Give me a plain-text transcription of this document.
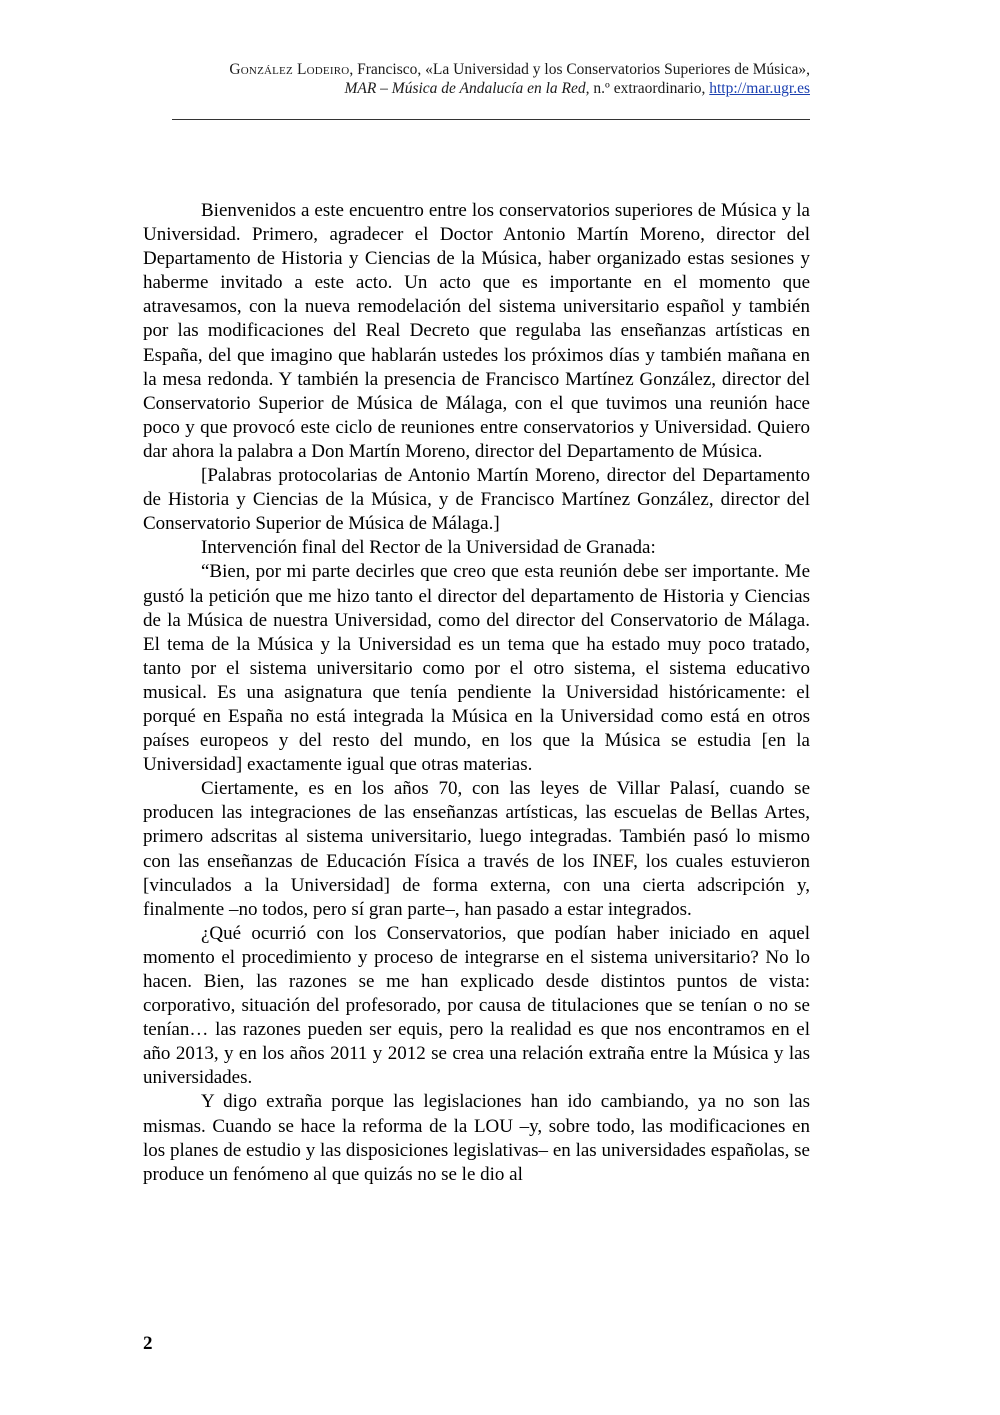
González Lodeiro, Francisco, «La Universidad y los Conservatorios Superiores de Música»,
MAR – Música de Andalucía en la Red, n.º extraordinario, http://mar.ugr.es

Bienvenidos a este encuentro entre los conservatorios superiores de Música y la Universidad. Primero, agradecer el Doctor Antonio Martín Moreno, director del Departamento de Historia y Ciencias de la Música, haber organizado estas sesiones y haberme invitado a este acto. Un acto que es importante en el momento que atravesamos, con la nueva remodelación del sistema universitario español y también por las modificaciones del Real Decreto que regulaba las enseñanzas artísticas en España, del que imagino que hablarán ustedes los próximos días y también mañana en la mesa redonda. Y también la presencia de Francisco Martínez González, director del Conservatorio Superior de Música de Málaga, con el que tuvimos una reunión hace poco y que provocó este ciclo de reuniones entre conservatorios y Universidad. Quiero dar ahora la palabra a Don Martín Moreno, director del Departamento de Música.

[Palabras protocolarias de Antonio Martín Moreno, director del Departamento de Historia y Ciencias de la Música, y de Francisco Martínez González, director del Conservatorio Superior de Música de Málaga.]

Intervención final del Rector de la Universidad de Granada:

“Bien, por mi parte decirles que creo que esta reunión debe ser importante. Me gustó la petición que me hizo tanto el director del departamento de Historia y Ciencias de la Música de nuestra Universidad, como del director del Conservatorio de Málaga. El tema de la Música y la Universidad es un tema que ha estado muy poco tratado, tanto por el sistema universitario como por el otro sistema, el sistema educativo musical. Es una asignatura que tenía pendiente la Universidad históricamente: el porqué en España no está integrada la Música en la Universidad como está en otros países europeos y del resto del mundo, en los que la Música se estudia [en la Universidad] exactamente igual que otras materias.

Ciertamente, es en los años 70, con las leyes de Villar Palasí, cuando se producen las integraciones de las enseñanzas artísticas, las escuelas de Bellas Artes, primero adscritas al sistema universitario, luego integradas. También pasó lo mismo con las enseñanzas de Educación Física a través de los INEF, los cuales estuvieron [vinculados a la Universidad] de forma externa, con una cierta adscripción y, finalmente –no todos, pero sí gran parte–, han pasado a estar integrados.

¿Qué ocurrió con los Conservatorios, que podían haber iniciado en aquel momento el procedimiento y proceso de integrarse en el sistema universitario? No lo hacen. Bien, las razones se me han explicado desde distintos puntos de vista: corporativo, situación del profesorado, por causa de titulaciones que se tenían o no se tenían… las razones pueden ser equis, pero la realidad es que nos encontramos en el año 2013, y en los años 2011 y 2012 se crea una relación extraña entre la Música y las universidades.

Y digo extraña porque las legislaciones han ido cambiando, ya no son las mismas. Cuando se hace la reforma de la LOU –y, sobre todo, las modificaciones en los planes de estudio y las disposiciones legislativas– en las universidades españolas, se produce un fenómeno al que quizás no se le dio al

2
